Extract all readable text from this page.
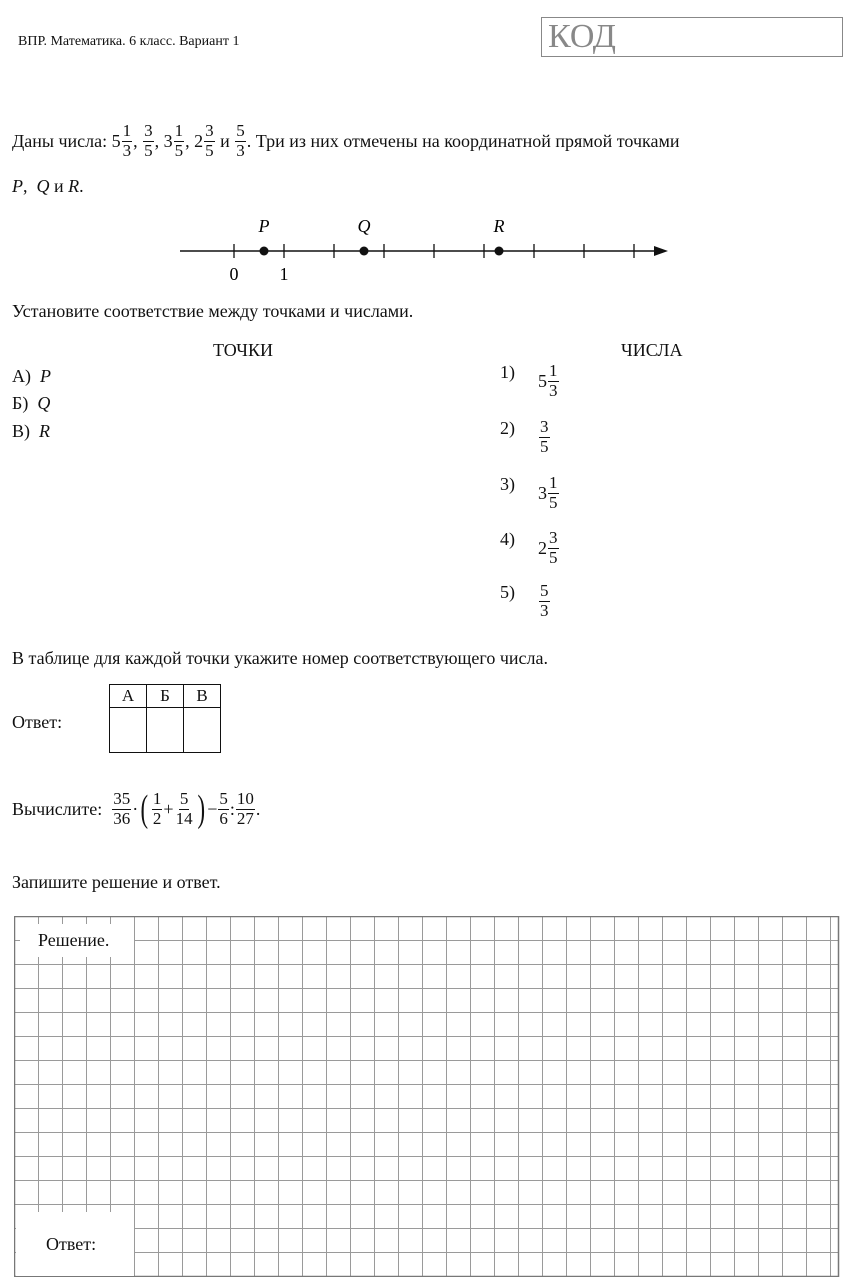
ВПР. Математика. 6 класс. Вариант 1	КОД
Даны числа:
$5 \frac{1}{3}$ ,
$\frac{3}{5}$ ,
$3 \frac{1}{5}$ ,
$2 \frac{3}{5}$
и
$\frac{5}{3}$ .
Три из них отмечены на координатной прямой точками
P, Q и R.
P	Q	R
0 1
Установите соответствие между точками и числами.
ТОЧКИ	ЧИСЛА
А) P
Б) Q
В) R
1)	$5 \frac{1}{3}$
2)	$\frac{3}{5}$
3)	$3 \frac{1}{5}$
4)	$2 \frac{3}{5}$
5)	$\frac{5}{3}$
В таблице для каждой точки укажите номер соответствующего числа.
Ответ:
А	Б	В

Вычислите:
$\frac{35}{36}$ · ( $\frac{1}{2} + \frac{5}{14}$ ) − $\frac{5}{6}$ : $\frac{10}{27}$ .
Запишите решение и ответ.
Решение.
Ответ:
